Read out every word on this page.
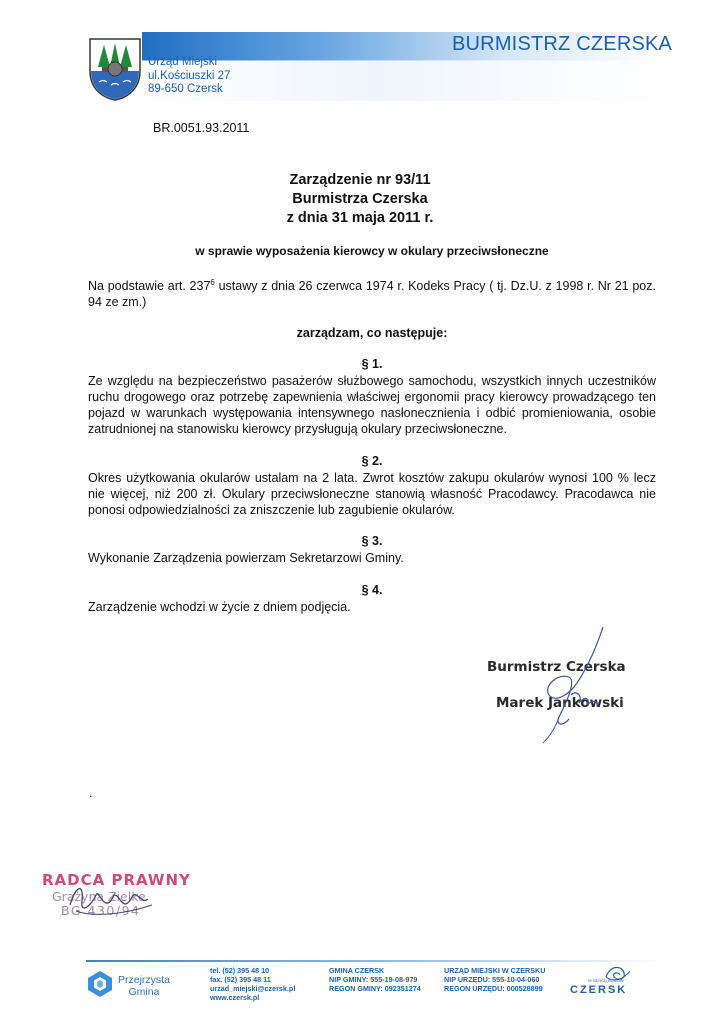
BURMISTRZ CZERSKA
Urząd Miejski
ul.Kościuszki 27
89-650 Czersk
BR.0051.93.2011
Zarządzenie nr 93/11
Burmistrza Czerska
z dnia 31 maja 2011 r.
w sprawie wyposażenia kierowcy w okulary przeciwsłoneczne
Na podstawie art. $237^6$ ustawy z dnia 26 czerwca 1974 r. Kodeks Pracy ( tj. Dz.U. z 1998 r. Nr 21 poz. 94 ze zm.)
zarządzam, co następuje:
§ 1.
Ze względu na bezpieczeństwo pasażerów służbowego samochodu, wszystkich innych uczestników ruchu drogowego oraz potrzebę zapewnienia właściwej ergonomii pracy kierowcy prowadzącego ten pojazd w warunkach występowania intensywnego nasłonecznienia i odbić promieniowania, osobie zatrudnionej na stanowisku kierowcy przysługują okulary przeciwsłoneczne.
§ 2.
Okres użytkowania okularów ustalam na 2 lata. Zwrot kosztów zakupu okularów wynosi 100 % lecz nie więcej, niż 200 zł. Okulary przeciwsłoneczne stanowią własność Pracodawcy. Pracodawca nie ponosi odpowiedzialności za zniszczenie lub zagubienie okularów.
§ 3.
Wykonanie Zarządzenia powierzam Sekretarzowi Gminy.
§ 4.
Zarządzenie wchodzi w życie z dniem podjęcia.
Burmistrz Czerska
Marek Jankowski
.
RADCA PRAWNY
Grażyna Zielke
BG 430/94
Przejrzysta
Gmina
tel. (52) 395 48 10
fax. (52) 395 48 11
urzad_miejski@czersk.pl
www.czersk.pl
GMINA CZERSK
NIP GMINY: 555-19-08-979
REGON GMINY: 092351274
URZĄD MIEJSKI W CZERSKU
NIP URZĘDU: 555-10-04-060
REGON URZĘDU: 000528899
W SERCU BORÓW
CZERSK
